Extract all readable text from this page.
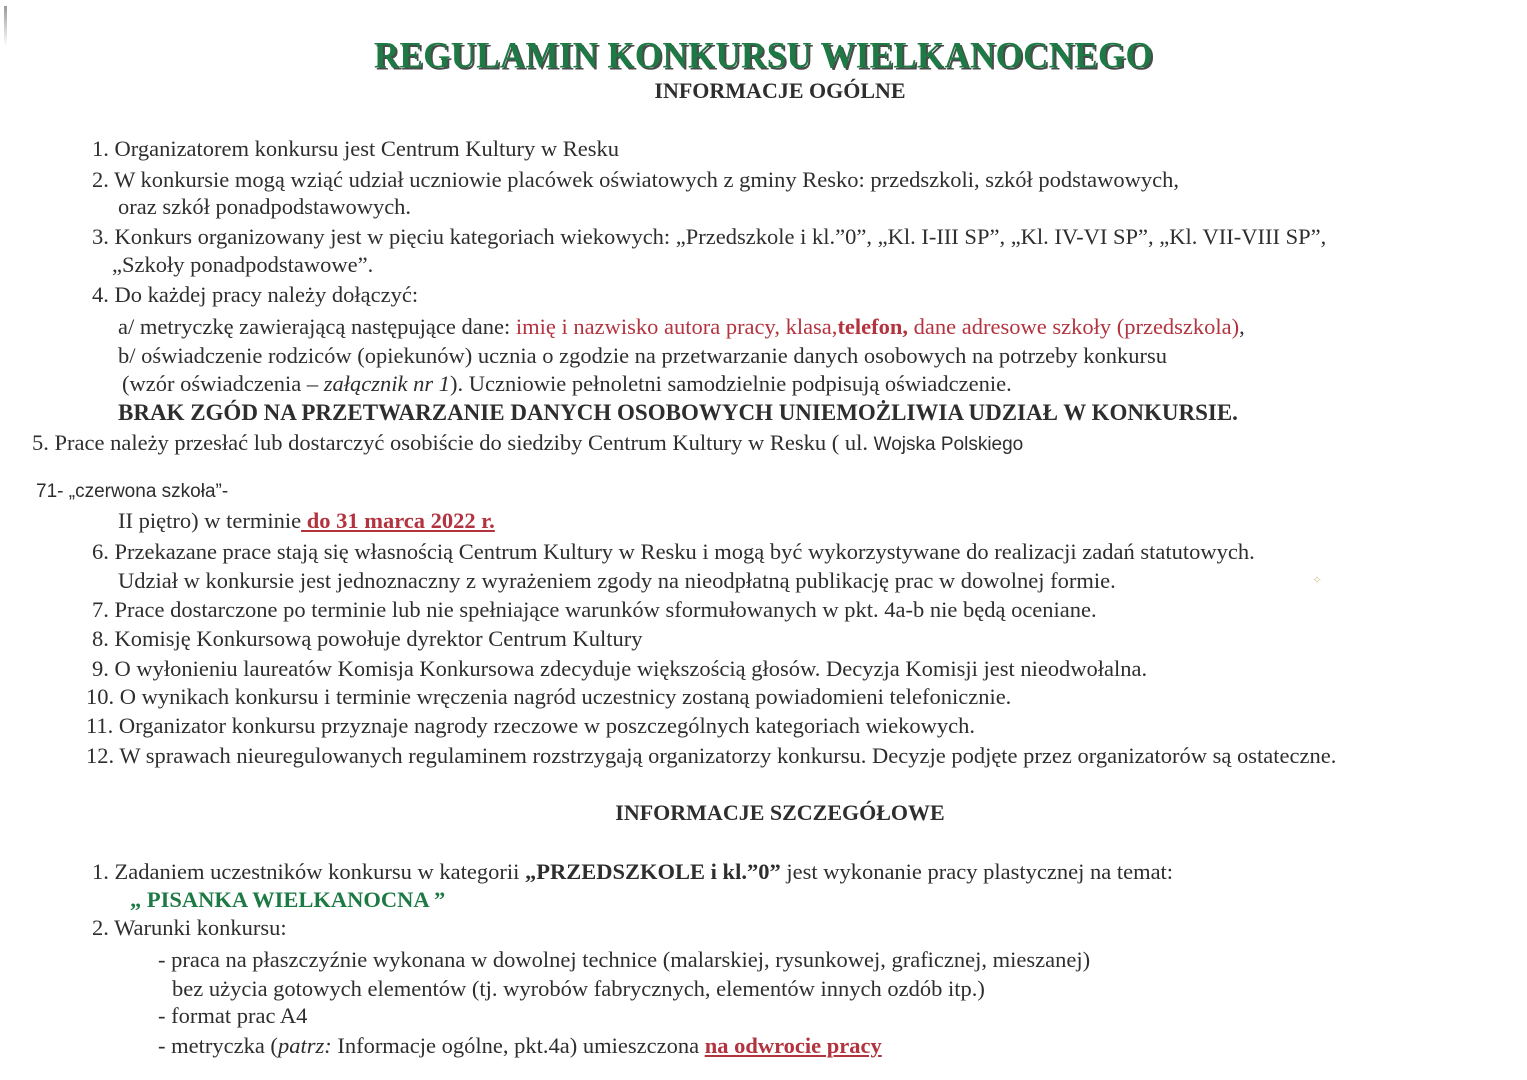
REGULAMIN KONKURSU WIELKANOCNEGO
INFORMACJE OGÓLNE
1. Organizatorem konkursu jest Centrum Kultury w Resku
2. W konkursie mogą wziąć udział uczniowie placówek oświatowych z gminy Resko: przedszkoli, szkół podstawowych,
oraz szkół ponadpodstawowych.
3. Konkurs organizowany jest w pięciu kategoriach wiekowych: „Przedszkole i kl.”0”, „Kl. I-III SP”, „Kl. IV-VI SP”, „Kl. VII-VIII SP”,
„Szkoły ponadpodstawowe”.
4. Do każdej pracy należy dołączyć:
a/ metryczkę zawierającą następujące dane: imię i nazwisko autora pracy, klasa,telefon, dane adresowe szkoły (przedszkola),
b/ oświadczenie rodziców (opiekunów) ucznia o zgodzie na przetwarzanie danych osobowych na potrzeby konkursu
(wzór oświadczenia – załącznik nr 1). Uczniowie pełnoletni samodzielnie podpisują oświadczenie.
BRAK ZGÓD NA PRZETWARZANIE DANYCH OSOBOWYCH UNIEMOŻLIWIA UDZIAŁ W KONKURSIE.
5. Prace należy przesłać lub dostarczyć osobiście do siedziby Centrum Kultury w Resku ( ul. Wojska Polskiego
71- „czerwona szkoła”-
II piętro) w terminie do 31 marca 2022 r.
6. Przekazane prace stają się własnością Centrum Kultury w Resku i mogą być wykorzystywane do realizacji zadań statutowych.
Udział w konkursie jest jednoznaczny z wyrażeniem zgody na nieodpłatną publikację prac w dowolnej formie.	✧
7. Prace dostarczone po terminie lub nie spełniające warunków sformułowanych w pkt. 4a-b nie będą oceniane.
8. Komisję Konkursową powołuje dyrektor Centrum Kultury
9. O wyłonieniu laureatów Komisja Konkursowa zdecyduje większością głosów. Decyzja Komisji jest nieodwołalna.
10. O wynikach konkursu i terminie wręczenia nagród uczestnicy zostaną powiadomieni telefonicznie.
11. Organizator konkursu przyznaje nagrody rzeczowe w poszczególnych kategoriach wiekowych.
12. W sprawach nieuregulowanych regulaminem rozstrzygają organizatorzy konkursu. Decyzje podjęte przez organizatorów są ostateczne.
INFORMACJE SZCZEGÓŁOWE
1. Zadaniem uczestników konkursu w kategorii „PRZEDSZKOLE i kl.”0” jest wykonanie pracy plastycznej na temat:
„ PISANKA WIELKANOCNA ”
2. Warunki konkursu:
- praca na płaszczyźnie wykonana w dowolnej technice (malarskiej, rysunkowej, graficznej, mieszanej)
bez użycia gotowych elementów (tj. wyrobów fabrycznych, elementów innych ozdób itp.)
- format prac A4
- metryczka (patrz: Informacje ogólne, pkt.4a) umieszczona na odwrocie pracy
